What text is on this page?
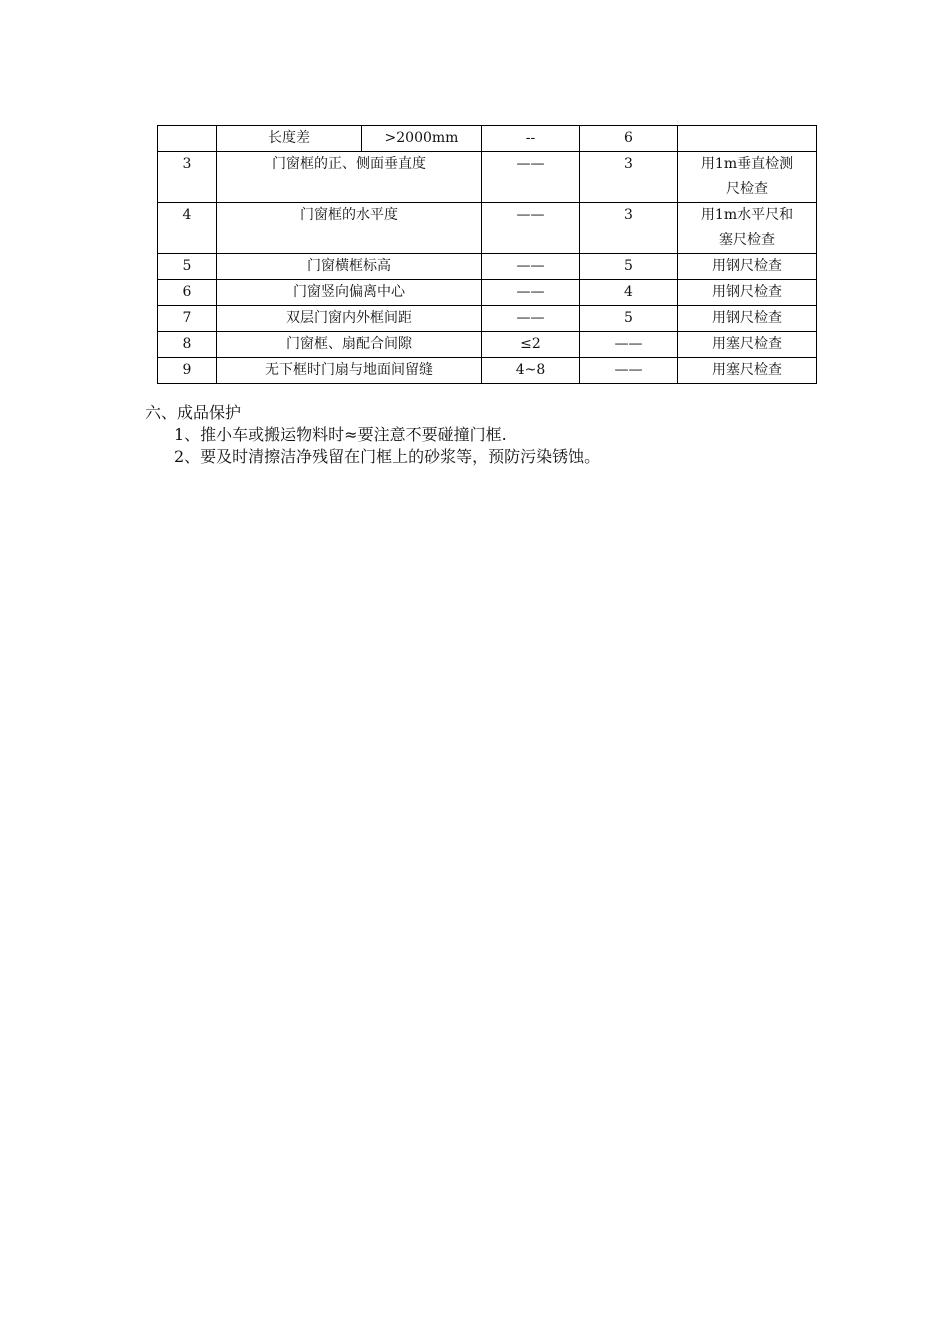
	长度差	>2000mm	--	6	
3	门窗框的正、侧面垂直度		——	3	用1m垂直检测
尺检查

4	门窗框的水平度		——	3	用1m水平尺和
塞尺检查

5	门窗横框标高		——	5	用钢尺检查
6	门窗竖向偏离中心		——	4	用钢尺检查
7	双层门窗内外框间距		——	5	用钢尺检查
8	门窗框、扇配合间隙		≤2	——	用塞尺检查
9	无下框时门扇与地面间留缝		4~8	——	用塞尺检查
六、成品保护
1、推小车或搬运物料时≈要注意不要碰撞门框.
2、要及时清擦洁净残留在门框上的砂浆等，预防污染锈蚀。
